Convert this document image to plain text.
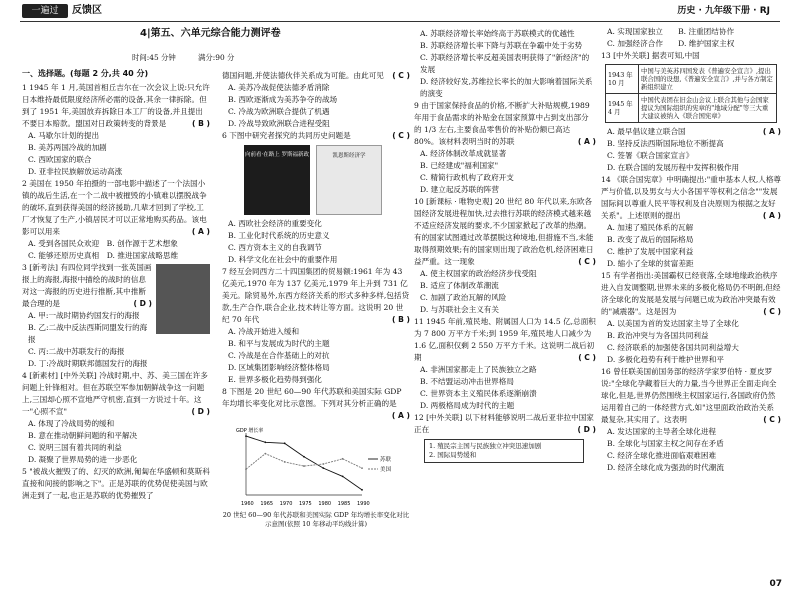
一遍过	反馈区	历史 · 九年级下册 · RJ
4|第五、六单元综合能力测评卷
时间:45 分钟　　　满分:90 分
一、选择题。(每题 2 分,共 40 分)

1 1945 年 1 月,英国首相丘吉尔在一次会议上说:只允许日本维持最低限度经济所必需的设备,其余一律拆除。但到了 1951 年,美国放弃拆除日本工厂的设备,并且提出不要日本赔款。盟国对日政策转变的背景是	( B )

A. 马歇尔计划的提出

B. 美苏两国冷战的加剧

C. 西欧国家的联合

D. 亚非拉民族解放运动高涨

2 美国在 1950 年拍摄的一部电影中描述了一个法国小镇的战后生活,在一个二战中被摧毁的小镇难以摆脱战争的破坏,直到获得美国的经济援助,几辈才回到了学校,工厂才恢复了生产,小镇居民才可以正常地购买药品。该电影可以用来	( A )

A. 受到各国民众欢迎　 B. 创作源于艺术想象

C. 能够还原历史真相　 D. 推进国家战略思维

3 [新考法] 有四位同学找到一张英国画报上的海报,海报中描绘的战时的信息对这一海报的历史进行推断,其中推断最合理的是	( D )

A. 甲:一战时期协约国发行的海报

B. 乙:二战中反法西斯同盟发行的海报

C. 丙:二战中苏联发行的海报

D. 丁:冷战时期联邦德国发行的海报

4 [新素材] [中外关联] 冷战时期,中、苏、美三国在许多问题上针锋相对。但在苏联空军参加朝鲜战争这一问题上,三国却心照不宣地严守机密,直到一方说过十年。这一"心照不宣"	( D )

A. 体现了冷战局势的缓和

B. 意在推动朝鲜问题的和平解决

C. 说明三国有着共同的利益

D. 凝聚了世界局势的进一步恶化

5 "被战火摧毁了的、幻灭的欧洲,匍匐在华盛顿和莫斯科直接和间接的影响之下"。正是苏联的优势促使美国与欧洲走到了一起,也正是苏联的优势摧毁了

德国问题,并使法德伙伴关系成为可能。由此可见 ( C )

A. 美苏冷战促使法德矛盾消除

B. 西欧逐渐成为美苏争夺的战场

C. 冷战为欧洲联合提供了机遇

D. 冷战导致欧洲联合进程受阻

6 下图中研究者探究的共同历史问题是	( C )

向前看·在路上 罗斯福新政	凯恩斯经济学

A. 西欧社会经济的重要变化

B. 工业化时代系统的历史意义

C. 西方资本主义的自我调节

D. 科学文化在社会中的重要作用

7 经互会同西方二十四国集团的贸易额:1961 年为 43 亿美元,1970 年为 137 亿美元,1979 年上升到 731 亿美元。除贸易外,东西方经济关系的形式多种多样,包括贷款,生产合作,联合企业,技术转让等方面。这说明 20 世纪 70 年代	( B )

A. 冷战开始进入缓和

B. 和平与发展成为时代的主题

C. 冷战是在合作基础上的对抗

D. 区域集团影响经济整体格局

E. 世界多极化趋势得到强化

8 下图是 20 世纪 60—90 年代苏联和美国实际 GDP 年均增长率变化对比示意图。下列对其分析正确的是
( A )

GDP 增长率
1960 1965 1970 1975 1980 1985 1990
苏联
美国

20 世纪 60—90 年代苏联和美国实际 GDP 年均增长率变化对比示意图(依照 10 年移动平均线计算)

A. 苏联经济增长率始终高于苏联模式的优越性

B. 苏联经济增长率下降与苏联在争霸中处于劣势

C. 苏联经济增长率反超美国表明获得了"新经济"的发展

D. 经济较好发,苏维拉长率长的加大影响着国际关系的演变

9 由于国家保持食品的价格,不断扩大补贴规模,1989 年用于食品需求的补贴金在国家预算中占到支出部分的 1/3 左右,主要食品零售价的补贴份额已高达 80%。该材料表明当时的苏联	( A )

A. 经济体制改革成就显著

B. 已经建成"福利国家"

C. 精简行政机构了政府开支

D. 建立起反苏联的阵营

10 [新课标 · 唯物史观] 20 世纪 80 年代以来,东欧各国经济发展进程加快,过去推行苏联的经济模式越来越不适应经济发展的要求,不少国家掀起了改革的热潮。有的国家试图通过改革摆脱这种境地,但措施不当,未能取得预期效果;有的国家则出现了政治危机,经济困难日益严重。这一现象	( C )

A. 使主权国家的政治经济步伐受阻

B. 适应了体制改革潮流

C. 加剧了政治瓦解的风险

D. 与苏联社会主义有关

11 1945 年前,殖民地、附属国人口为 14.5 亿,总面积为 7 800 万平方千米;到 1959 年,殖民地人口减少为 1.6 亿,面积仅剩 2 550 万平方千米。这说明二战后初期	( C )

A. 非洲国家都走上了民族独立之路

B. 不结盟运动冲击世界格局

C. 世界资本主义殖民体系逐渐崩溃

D. 两极格局成为时代的主题

12 [中外关联] 以下材料能够说明二战后亚非拉中国家正在	( D )

1. 殖民宗主国与民族独立冲突迅速加剧

2. 国际局势缓和

A. 实现国家独立　　 B. 注重团结协作

C. 加强经济合作　　 D. 维护国家主权

13 [中外关联] 据表可知,中国

1943 年 10 月	中国与美英苏四国发表《普遍安全宣言》,提出联合国的设想,《普遍安全宣言》,并与各方制定新组织建立
1945 年 4 月	中国代表团在旧金山会议上联合其他与会国家提议为国际组织的宪章的"地域分配"等三大重大建议被纳入《联合国宪章》

( A )

A. 最早倡议建立联合国

B. 坚持反法西斯国际地位不断提高

C. 签署《联合国家宣言》

D. 在联合国的发展历程中发挥积极作用

14 《联合国宪章》中明确提出:"重申基本人权,人格尊严与价值,以及男女与大小各国平等权利之信念""发展国际间以尊重人民平等权利及自决原则为根据之友好关系"。上述原则的提出	( A )

A. 加速了殖民体系的瓦解

B. 改变了战后的国际格局

C. 维护了发展中国家利益

D. 缩小了全球的贫富差距

15 有学者指出:美国霸权已经衰落,全球地缘政治秩序进入自发调整期,世界未来的多极化格局仍不明朗,但经济全球化的发展是发展与问题已成为政治冲突最有效的"减震器"。这是因为	( C )

A. 以美国为首的发达国家主导了全球化

B. 政治冲突与为各国共同利益

C. 经济联系的加强使各国共同利益增大

D. 多极化趋势有利于维护世界和平

16 曾任联美国前国务部的经济学家罗伯特 · 夏皮罗说:"全球化孕藏着巨大的力量,当今世界正全面走向全球化,但是,世界仍然围绕主权国家运行,各国政府仍然运用着自己的一体经营方式,如"这里面政治政治关系最复杂,其实用了。这表明	( C )

A. 发达国家的主导者全球化进程

B. 全球化与国家主权之间存在矛盾

C. 经济全球化推进面临艰难困难

D. 经济全球化成为强劲的时代潮流

07
